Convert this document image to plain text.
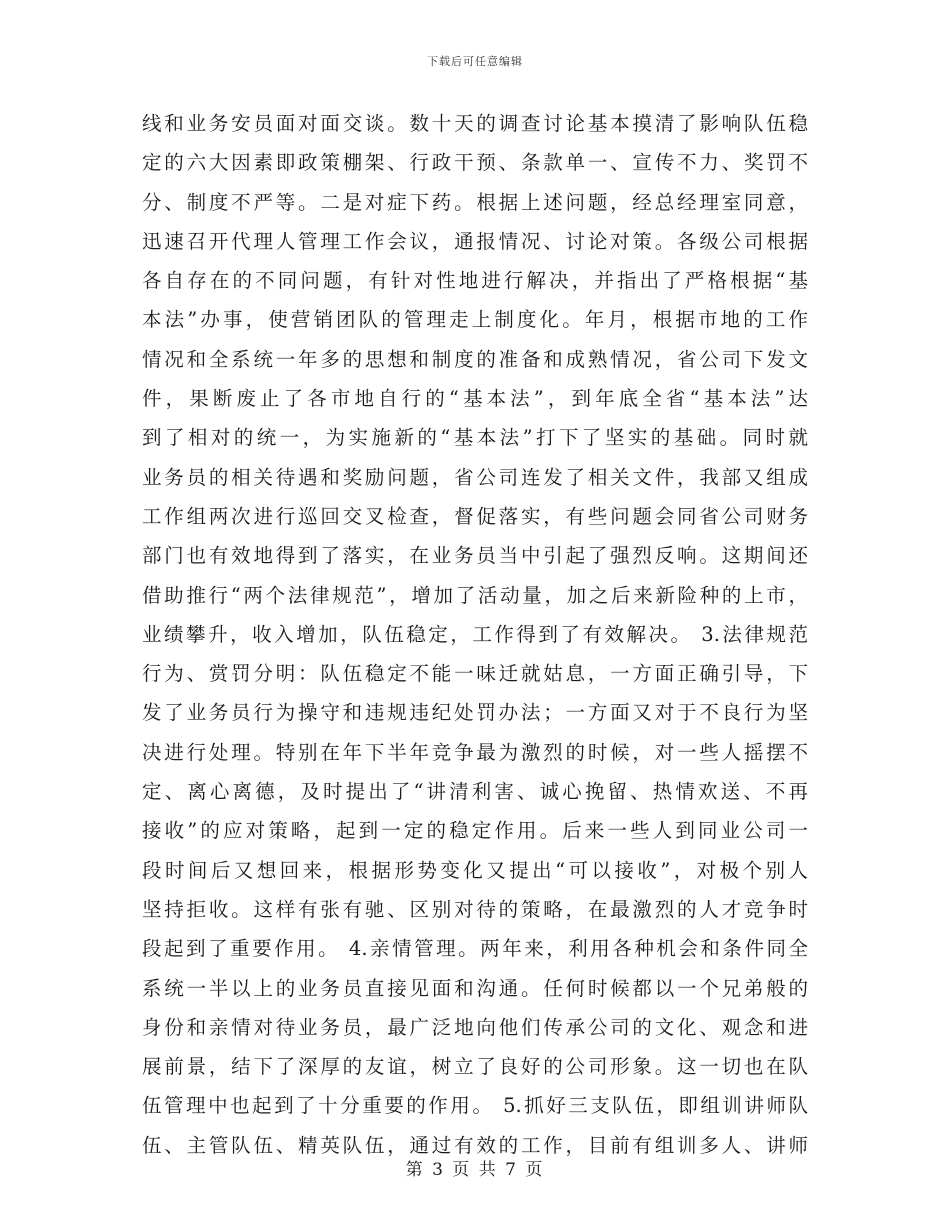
下载后可任意编辑
线和业务安员面对面交谈。数十天的调查讨论基本摸清了影响队伍稳
定的六大因素即政策棚架、行政干预、条款单一、宣传不力、奖罚不
分、制度不严等。二是对症下药。根据上述问题，经总经理室同意，
迅速召开代理人管理工作会议，通报情况、讨论对策。各级公司根据
各自存在的不同问题，有针对性地进行解决，并指出了严格根据“基
本法”办事，使营销团队的管理走上制度化。年月，根据市地的工作
情况和全系统一年多的思想和制度的准备和成熟情况，省公司下发文
件，果断废止了各市地自行的“基本法”，到年底全省“基本法”达
到了相对的统一，为实施新的“基本法”打下了坚实的基础。同时就
业务员的相关待遇和奖励问题，省公司连发了相关文件，我部又组成
工作组两次进行巡回交叉检查，督促落实，有些问题会同省公司财务
部门也有效地得到了落实，在业务员当中引起了强烈反响。这期间还
借助推行“两个法律规范”，增加了活动量，加之后来新险种的上市，
业绩攀升，收入增加，队伍稳定，工作得到了有效解决。 3.法律规范
行为、赏罚分明：队伍稳定不能一味迁就姑息，一方面正确引导，下
发了业务员行为操守和违规违纪处罚办法；一方面又对于不良行为坚
决进行处理。特别在年下半年竞争最为激烈的时候，对一些人摇摆不
定、离心离德，及时提出了“讲清利害、诚心挽留、热情欢送、不再
接收”的应对策略，起到一定的稳定作用。后来一些人到同业公司一
段时间后又想回来，根据形势变化又提出“可以接收”，对极个别人
坚持拒收。这样有张有驰、区别对待的策略，在最激烈的人才竞争时
段起到了重要作用。 4.亲情管理。两年来，利用各种机会和条件同全
系统一半以上的业务员直接见面和沟通。任何时候都以一个兄弟般的
身份和亲情对待业务员，最广泛地向他们传承公司的文化、观念和进
展前景，结下了深厚的友谊，树立了良好的公司形象。这一切也在队
伍管理中也起到了十分重要的作用。 5.抓好三支队伍，即组训讲师队
伍、主管队伍、精英队伍，通过有效的工作，目前有组训多人、讲师
第 3 页 共 7 页
